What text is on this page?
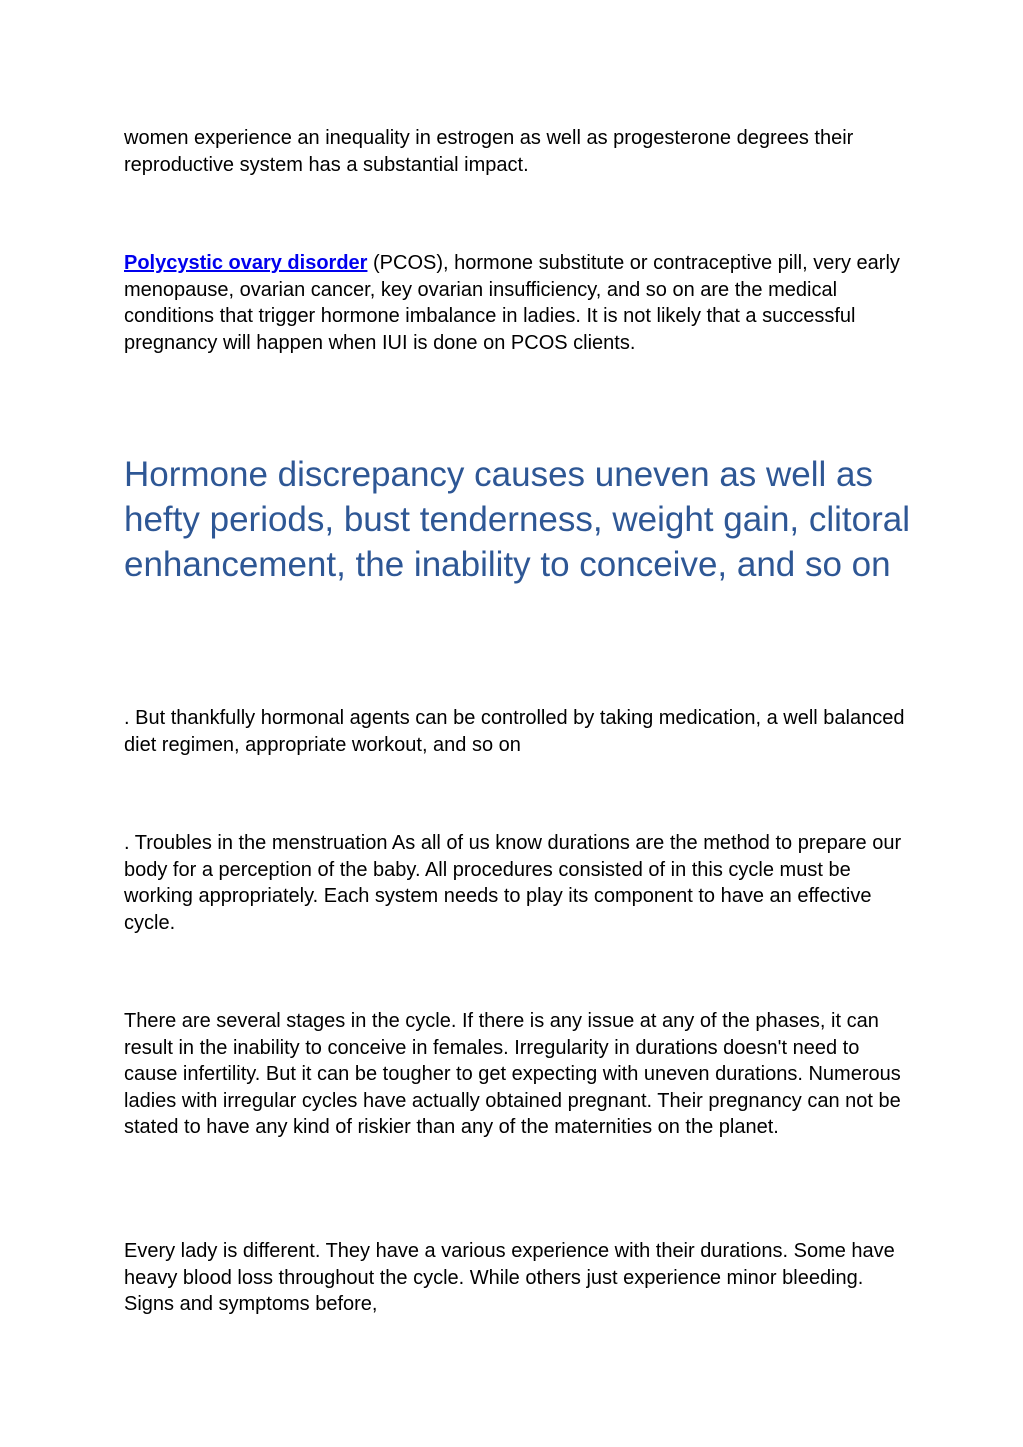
women experience an inequality in estrogen as well as progesterone degrees their reproductive system has a substantial impact.

Polycystic ovary disorder (PCOS), hormone substitute or contraceptive pill, very early menopause, ovarian cancer, key ovarian insufficiency, and so on are the medical conditions that trigger hormone imbalance in ladies. It is not likely that a successful pregnancy will happen when IUI is done on PCOS clients.

Hormone discrepancy causes uneven as well as hefty periods, bust tenderness, weight gain, clitoral enhancement, the inability to conceive, and so on

. But thankfully hormonal agents can be controlled by taking medication, a well balanced diet regimen, appropriate workout, and so on

. Troubles in the menstruation As all of us know durations are the method to prepare our body for a perception of the baby. All procedures consisted of in this cycle must be working appropriately. Each system needs to play its component to have an effective cycle.

There are several stages in the cycle. If there is any issue at any of the phases, it can result in the inability to conceive in females. Irregularity in durations doesn't need to cause infertility. But it can be tougher to get expecting with uneven durations. Numerous ladies with irregular cycles have actually obtained pregnant. Their pregnancy can not be stated to have any kind of riskier than any of the maternities on the planet.

Every lady is different. They have a various experience with their durations. Some have heavy blood loss throughout the cycle. While others just experience minor bleeding. Signs and symptoms before,
